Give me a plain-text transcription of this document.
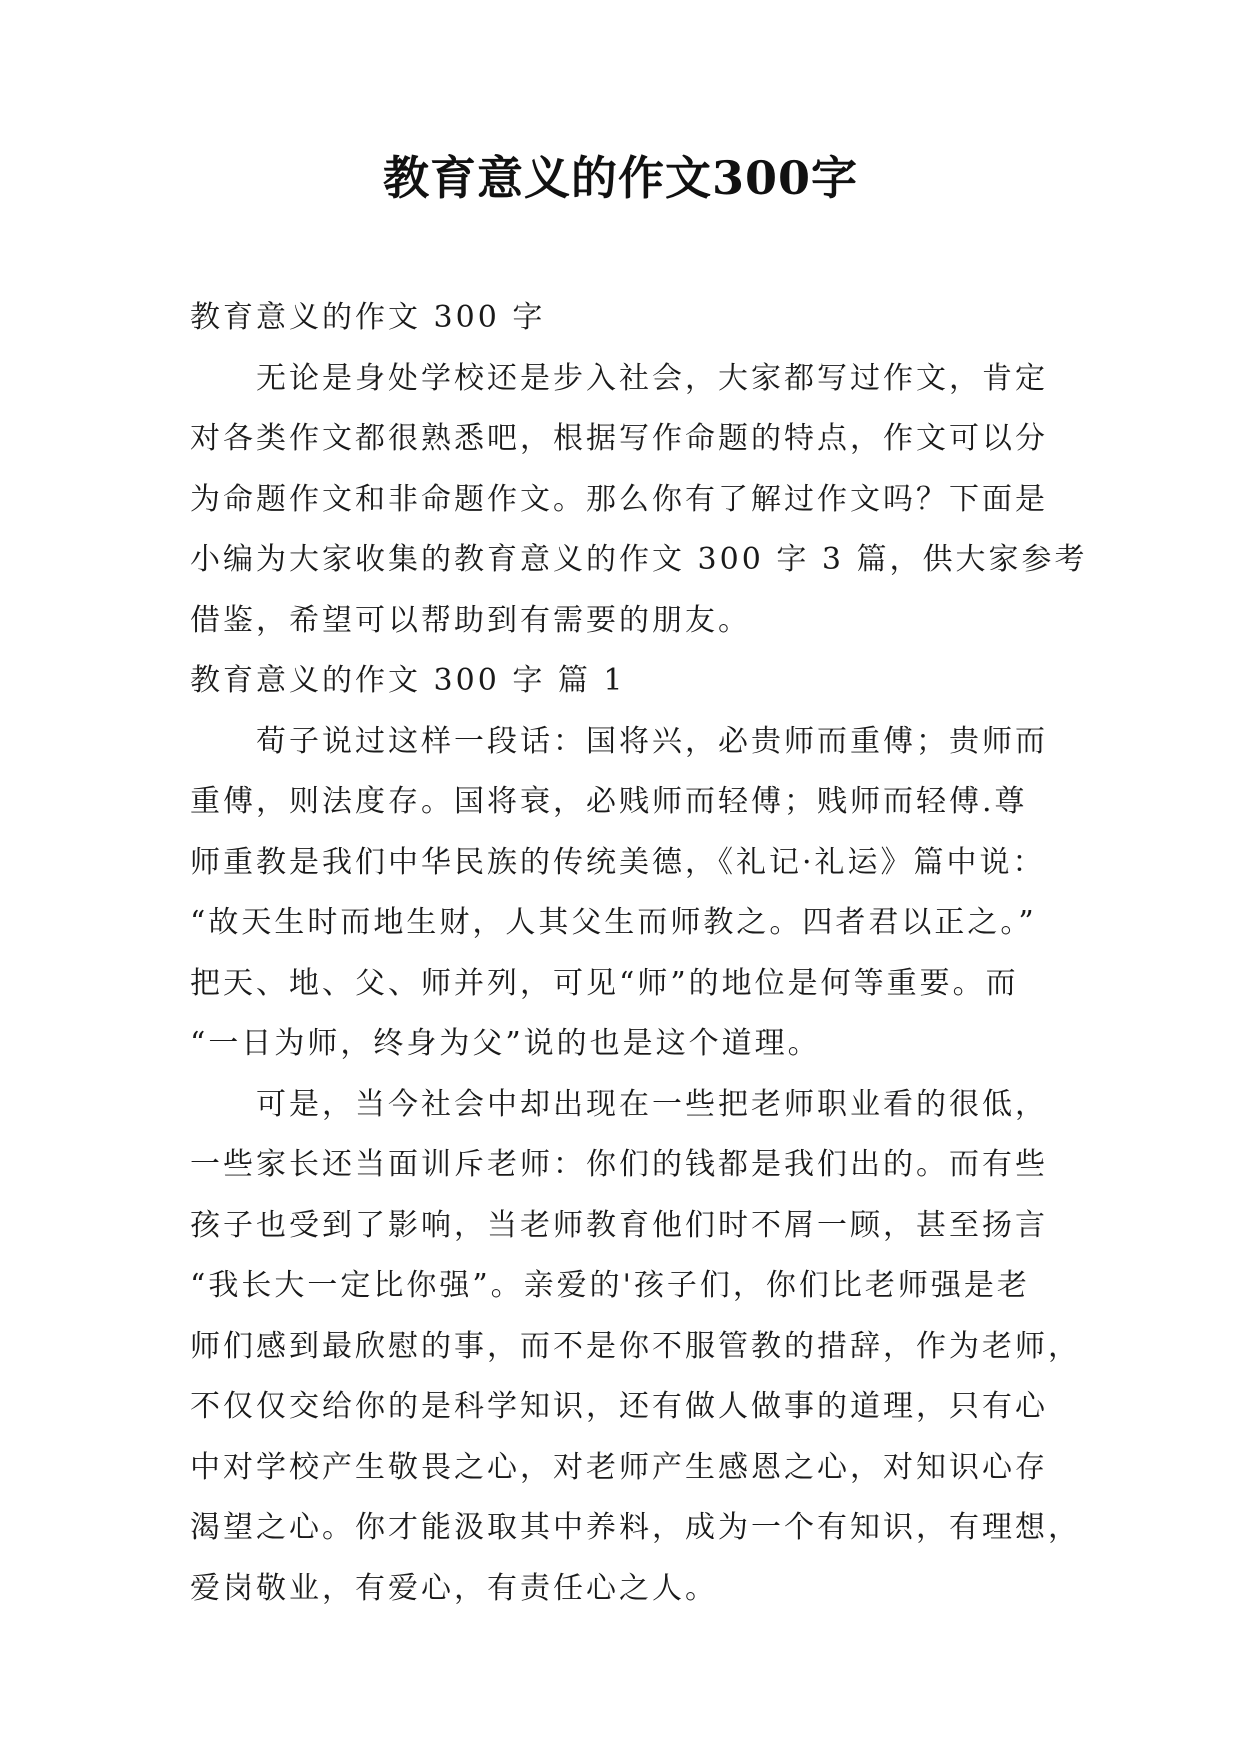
教育意义的作文300字

教育意义的作文 300 字

　　无论是身处学校还是步入社会，大家都写过作文，肯定

对各类作文都很熟悉吧，根据写作命题的特点，作文可以分

为命题作文和非命题作文。那么你有了解过作文吗？下面是

小编为大家收集的教育意义的作文 300 字 3 篇，供大家参考

借鉴，希望可以帮助到有需要的朋友。

教育意义的作文 300 字 篇 1

　　荀子说过这样一段话：国将兴，必贵师而重傅；贵师而

重傅，则法度存。国将衰，必贱师而轻傅；贱师而轻傅.尊

师重教是我们中华民族的传统美德，《礼记·礼运》篇中说：

“故天生时而地生财，人其父生而师教之。四者君以正之。”

把天、地、父、师并列，可见“师”的地位是何等重要。而

“一日为师，终身为父”说的也是这个道理。

　　可是，当今社会中却出现在一些把老师职业看的很低，

一些家长还当面训斥老师：你们的钱都是我们出的。而有些

孩子也受到了影响，当老师教育他们时不屑一顾，甚至扬言

“我长大一定比你强”。亲爱的'孩子们，你们比老师强是老

师们感到最欣慰的事，而不是你不服管教的措辞，作为老师，

不仅仅交给你的是科学知识，还有做人做事的道理，只有心

中对学校产生敬畏之心，对老师产生感恩之心，对知识心存

渴望之心。你才能汲取其中养料，成为一个有知识，有理想，

爱岗敬业，有爱心，有责任心之人。
